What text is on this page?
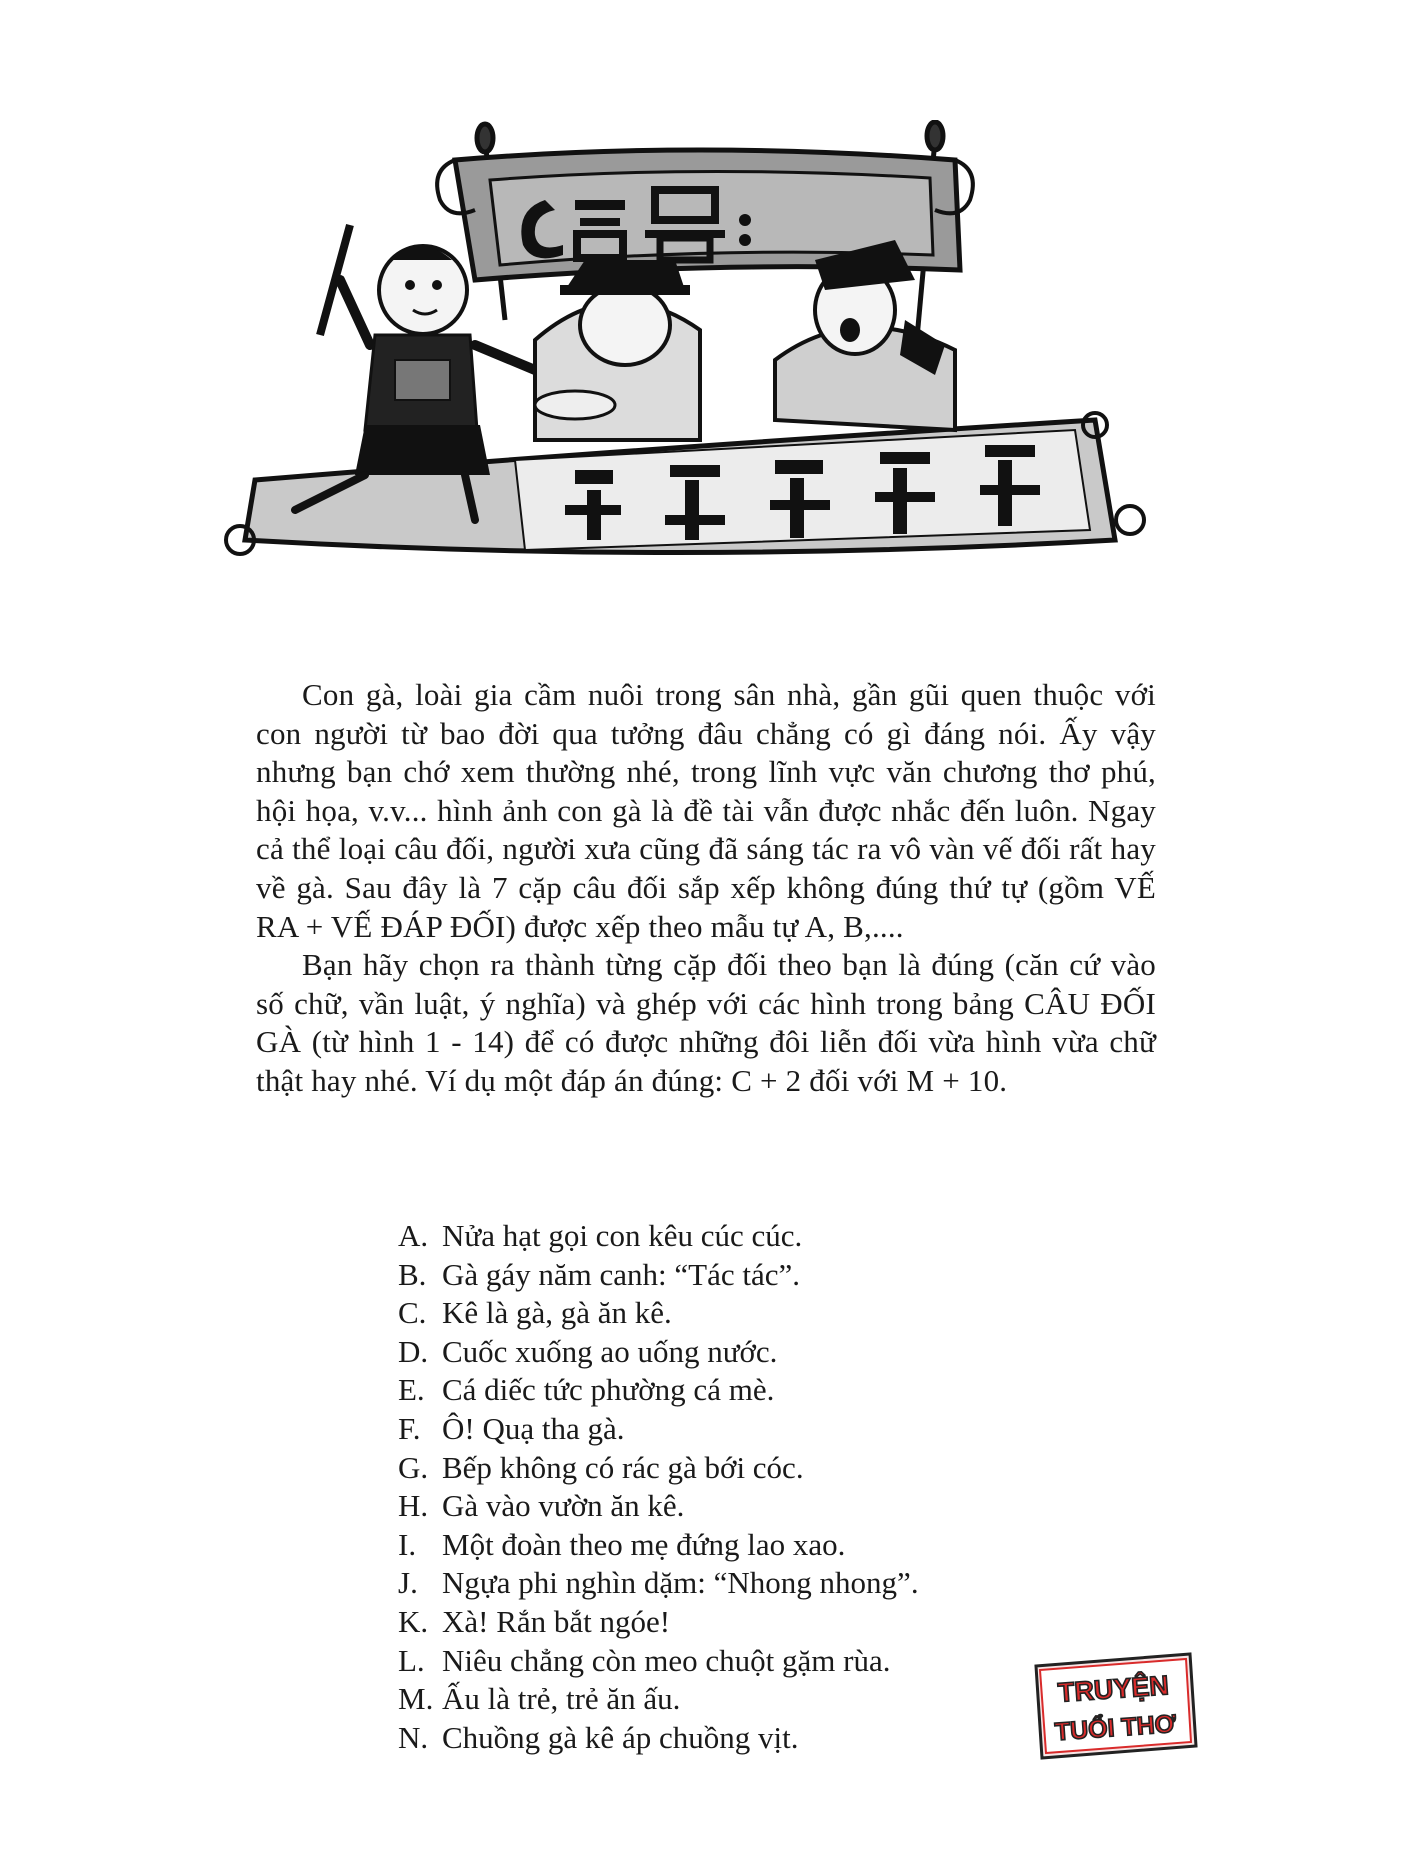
Con gà, loài gia cầm nuôi trong sân nhà, gần gũi quen thuộc với con người từ bao đời qua tưởng đâu chẳng có gì đáng nói. Ấy vậy nhưng bạn chớ xem thường nhé, trong lĩnh vực văn chương thơ phú, hội họa, v.v... hình ảnh con gà là đề tài vẫn được nhắc đến luôn. Ngay cả thể loại câu đối, người xưa cũng đã sáng tác ra vô vàn vế đối rất hay về gà. Sau đây là 7 cặp câu đối sắp xếp không đúng thứ tự (gồm VẾ RA + VẾ ĐÁP ĐỐI) được xếp theo mẫu tự A, B,....

Bạn hãy chọn ra thành từng cặp đối theo bạn là đúng (căn cứ vào số chữ, vần luật, ý nghĩa) và ghép với các hình trong bảng CÂU ĐỐI GÀ (từ hình 1 - 14) để có được những đôi liễn đối vừa hình vừa chữ thật hay nhé. Ví dụ một đáp án đúng: C + 2 đối với M + 10.

A. Nửa hạt gọi con kêu cúc cúc.
B. Gà gáy năm canh: “Tác tác”.
C. Kê là gà, gà ăn kê.
D. Cuốc xuống ao uống nước.
E. Cá diếc tức phường cá mè.
F. Ô! Quạ tha gà.
G. Bếp không có rác gà bới cóc.
H. Gà vào vườn ăn kê.
I. Một đoàn theo mẹ đứng lao xao.
J. Ngựa phi nghìn dặm: “Nhong nhong”.
K. Xà! Rắn bắt ngóe!
L. Niêu chẳng còn meo chuột gặm rùa.
M. Ấu là trẻ, trẻ ăn ấu.
N. Chuồng gà kê áp chuồng vịt.
TRUYỆN
TUỔI THƠ
